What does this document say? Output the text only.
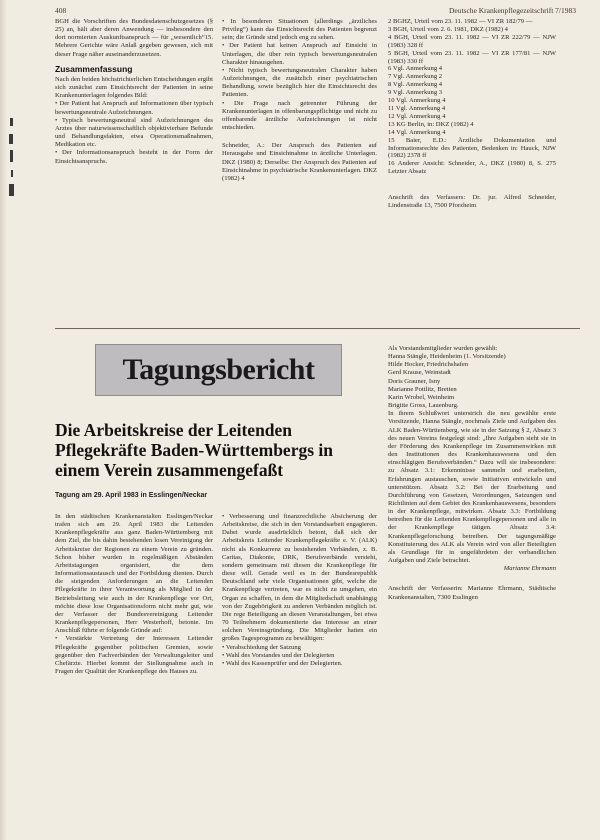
408	Deutsche Krankenpflegezeitschrift 7/1983

BGH die Vorschriften des Bundesdatenschutzgesetzes (§ 25) an, hält aber deren Anwendung — insbesondere den dort normierten Auskunftsanspruch — für „wesentlich“15. Mehrere Gerichte wäre Anlaß gegeben gewesen, sich mit dieser Frage näher auseinanderzusetzen.

Zusammenfassung

Nach den beiden höchstrichterlichen Entscheidungen ergibt sich zunächst zum Einsichtsrecht der Patienten in seine Krankenunterlagen folgendes Bild:

• Der Patient hat Anspruch auf Informationen über typisch bewertungsneutrale Aufzeichnungen.

• Typisch bewertungsneutral sind Aufzeichnungen des Arztes über naturwissenschaftlich objektivierbare Befunde und Behandlungsfakten, etwa Operationsmaßnahmen, Medikation etc.

• Der Informationsanspruch besteht in der Form der Einsichtsanspruchs.

• In besonderen Situationen (allerdings „ärztliches Privileg“) kann das Einsichtsrecht des Patienten begrenzt sein; die Gründe sind jedoch eng zu sehen.

• Der Patient hat keinen Anspruch auf Einsicht in Unterlagen, die über rein typisch bewertungsneutralen Charakter hinausgehen.

• Nicht typisch bewertungsneutralen Charakter haben Aufzeichnungen, die zusätzlich einer psychiatrischen Behandlung, sowie bezüglich hier die Einsichtsrecht des Patienten.

• Die Frage nach getrennter Führung der Krankenunterlagen in offenbarungspflichtige und nicht zu offenbarende ärztliche Aufzeichnungen ist nicht entschieden.

Schneider, A.: Der Anspruch des Patienten auf Herausgabe und Einsichtnahme in ärztliche Unterlagen. DKZ (1980) 8; Derselbe: Der Anspruch des Patienten auf Einsichtnahme in psychiatrische Krankenunterlagen. DKZ (1982) 4

2 BGHZ, Urteil vom 23. 11. 1982 — VI ZR 182/79 —
3 BGH, Urteil vom 2. 6. 1981, DKZ (1982) 4
4 BGH, Urteil vom 23. 11. 1982 — VI ZR 222/79 — NJW (1983) 328 ff
5 BGH, Urteil vom 23. 11. 1982 — VI ZR 177/81 — NJW (1983) 330 ff
6 Vgl. Anmerkung 4
7 Vgl. Anmerkung 2
8 Vgl. Anmerkung 4
9 Vgl. Anmerkung 3
10 Vgl. Anmerkung 4
11 Vgl. Anmerkung 4
12 Vgl. Anmerkung 4
13 KG Berlin, in: DKZ (1982) 4
14 Vgl. Anmerkung 4
15 Baier, E.D.: Ärztliche Dokumentation und Informationsrechte des Patienten, Bedenken in: Hauck, NJW (1982) 2378 ff
16 Anderer Ansicht: Schneider, A., DKZ (1980) 8, S. 275 Letzter Absatz

Anschrift des Verfassers: Dr. jur. Alfred Schneider, Lindenstraße 13, 7500 Pforzheim

Tagungsbericht
Die Arbeitskreise der Leitenden Pflegekräfte Baden-Württembergs in einem Verein zusammengefaßt
Tagung am 29. April 1983 in Esslingen/Neckar

In den städtischen Krankenanstalten Esslingen/Neckar trafen sich am 29. April 1983 die Leitenden Krankenpflegekräfte aus ganz Baden-Württemberg mit dem Ziel, die bis dahin bestehenden losen Vereinigung der Arbeitskreise der Regionen zu einem Verein zu gründen. Schon bisher wurden in regelmäßigen Abständen Arbeitstagungen organisiert, die dem Informationsaustausch und der Fortbildung dienten. Durch die steigenden Anforderungen an die Leitenden Pflegekräfte in ihrer Verantwortung als Mitglied in der Betriebsleitung wie auch in der Krankenpflege vor Ort, möchte diese lose Organisationsform nicht mehr gut, wie der Verfasser der Bundesvereinigung Leitender Krankenpflegepersonen, Herr Westerhoff, betonte. Im Anschluß führte er folgende Gründe auf:

• Verstärkte Vertretung der Interessen Leitender Pflegekräfte gegenüber politischen Gremien, sowie gegenüber den Fachverbänden der Verwaltungsleiter und Chefärzte. Hierbei kommt der Stellungnahme auch in Fragen der Qualität der Krankenpflege des Hauses zu.

• Verbesserung und finanzrechtliche Absicherung der Arbeitskreise, die sich in den Vorstandsarbeit engagieren. Dabei wurde ausdrücklich betont, daß sich der Arbeitskreis Leitender Krankenpflegekräfte e. V. (ALK) nicht als Konkurrenz zu bestehenden Verbänden, z. B. Caritas, Diakonie, DRK, Berufsverbände versteht, sondern gemeinsam mit diesen die Krankenpflege für diese will. Gerade weil es in der Bundesrepublik Deutschland sehr viele Organisationen gibt, welche die Krankenpflege vertreten, war es nicht zu umgehen, ein Organ zu schaffen, in dem die Mitgliedschaft unabhängig von der Zugehörigkeit zu anderen Verbänden möglich ist. Die rege Beteiligung an diesen Veranstaltungen, bei etwa 70 Teilnehmern dokumentierte das Interesse an einer solchen Vereinsgründung. Die Mitglieder hatten ein großes Tagesprogramm zu bewältigen:

• Verabschiedung der Satzung
• Wahl des Vorstandes und der Delegierten
• Wahl des Kassenprüfer und der Delegierten.

Als Vorstandsmitglieder wurden gewählt:

Hanna Stängle, Heidenheim (1. Vorsitzende)
Hilde Hocker, Friedrichshafen
Gerd Krause, Weinstadt
Doris Grauner, Isny
Marianne Pottlitz, Bretten
Karin Wrobel, Weinheim
Brigitte Gross, Lauenburg.

In ihrem Schlußwort unterstrich die neu gewählte erste Vorsitzende, Hanna Stängle, nochmals Ziele und Aufgaben des ALK Baden-Württemberg, wie sie in der Satzung § 2, Absatz 3 des neuen Vereins festgelegt sind: „Ihre Aufgaben sieht sie in der Förderung des Krankenpflege im Zusammenwirken mit den Institutionen des Krankenhauswesens und den einschlägigen Berufsverbänden.“ Dazu will sie insbesondere: zu Absatz 3.1: Erkenntnisse sammeln und erarbeiten, Erfahrungen austauschen, sowie Initiativen entwickeln und unterstützen. Absatz 3.2: Bei der Erarbeitung und Durchführung von Gesetzen, Verordnungen, Satzungen und Richtlinien auf dem Gebiet des Krankenhauswesens, besonders in der Krankenpflege, mitwirken. Absatz 3.3: Fortbildung betreiben für die Leitenden Krankenpflegepersonen und alle in der Krankenpflege tätigen. Absatz 3.4: Krankenpflegeforschung betreiben. Der tagungsmäßige Konstituierung des ALK als Verein wird von aller Beteiligten als Grundlage für in ungefährdeten der verbandlichen Aufgaben und Ziele betrachtet.

Marianne Ehrmann

Anschrift der Verfasserin: Marianne Ehrmann, Städtische Krankenanstalten, 7300 Esslingen
